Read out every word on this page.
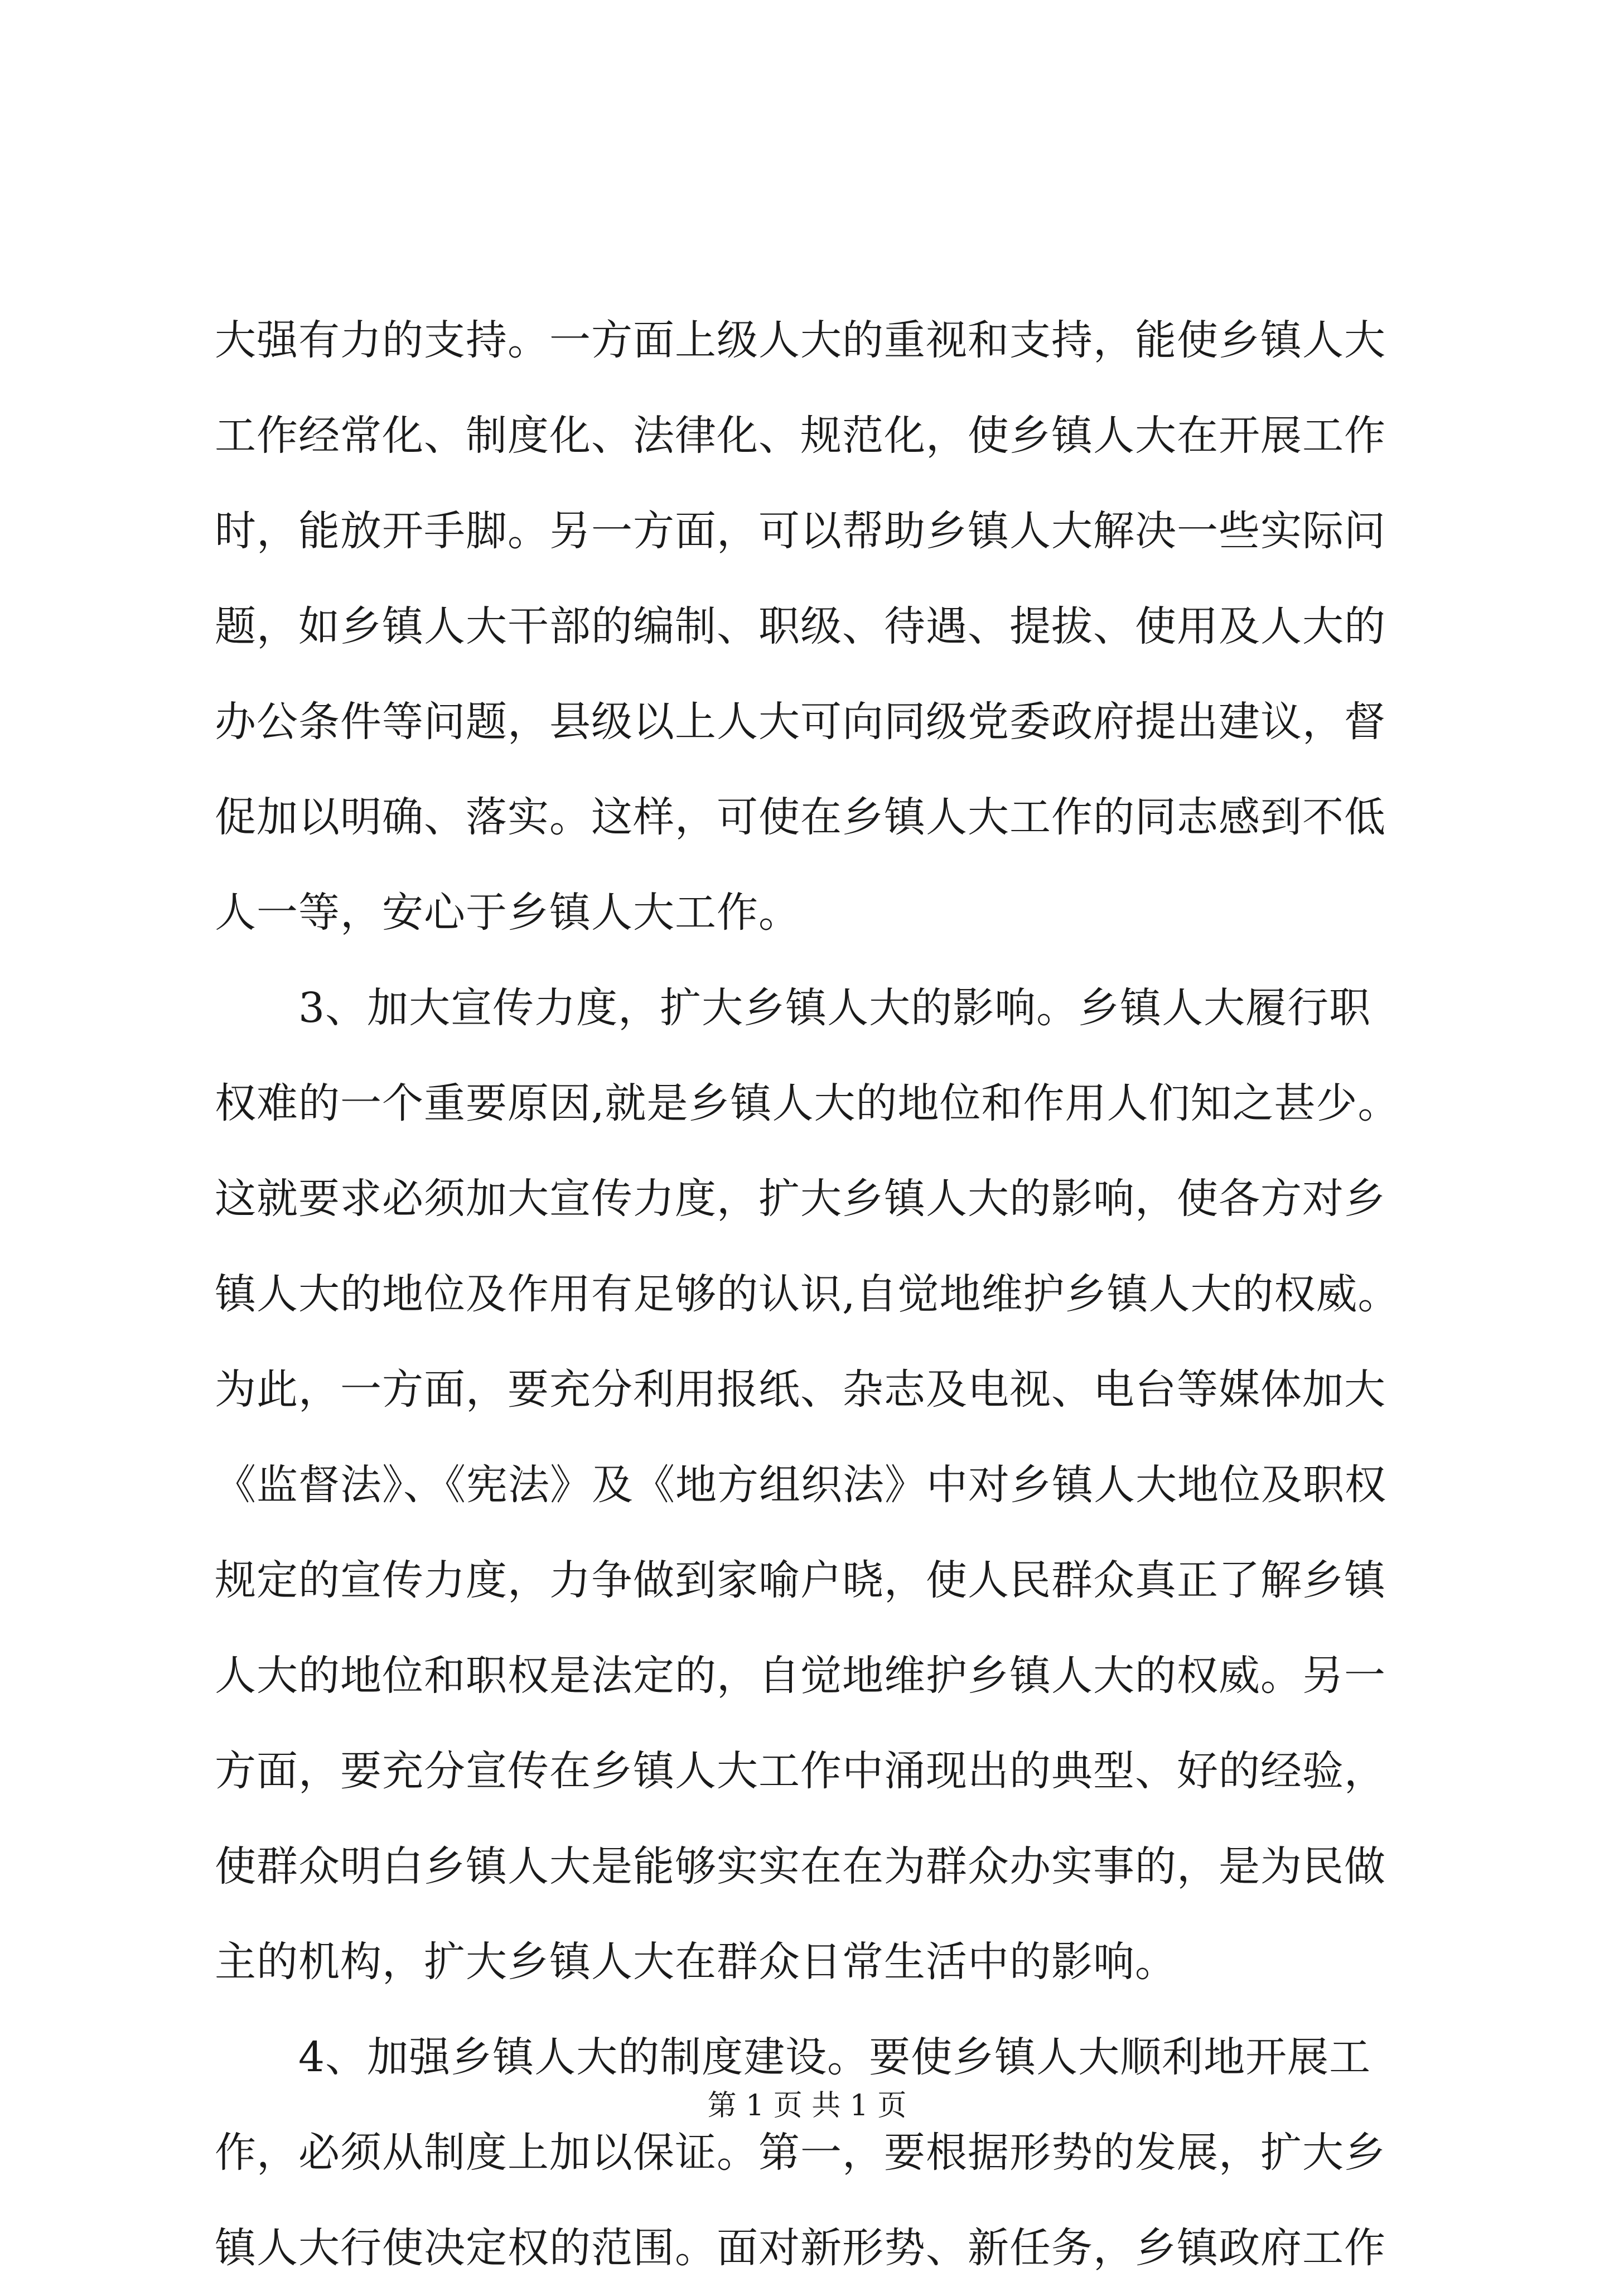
大强有力的支持。一方面上级人大的重视和支持，能使乡镇人大
工作经常化、制度化、法律化、规范化，使乡镇人大在开展工作
时，能放开手脚。另一方面，可以帮助乡镇人大解决一些实际问
题，如乡镇人大干部的编制、职级、待遇、提拔、使用及人大的
办公条件等问题，县级以上人大可向同级党委政府提出建议，督
促加以明确、落实。这样，可使在乡镇人大工作的同志感到不低
人一等，安心于乡镇人大工作。
3、加大宣传力度，扩大乡镇人大的影响。乡镇人大履行职
权难的一个重要原因,就是乡镇人大的地位和作用人们知之甚少。
这就要求必须加大宣传力度，扩大乡镇人大的影响，使各方对乡
镇人大的地位及作用有足够的认识,自觉地维护乡镇人大的权威。
为此，一方面，要充分利用报纸、杂志及电视、电台等媒体加大
《监督法》、《宪法》及《地方组织法》中对乡镇人大地位及职权
规定的宣传力度，力争做到家喻户晓，使人民群众真正了解乡镇
人大的地位和职权是法定的，自觉地维护乡镇人大的权威。另一
方面，要充分宣传在乡镇人大工作中涌现出的典型、好的经验，
使群众明白乡镇人大是能够实实在在为群众办实事的，是为民做
主的机构，扩大乡镇人大在群众日常生活中的影响。
4、加强乡镇人大的制度建设。要使乡镇人大顺利地开展工
作，必须从制度上加以保证。第一，要根据形势的发展，扩大乡
镇人大行使决定权的范围。面对新形势、新任务，乡镇政府工作
第 1 页 共 1 页
